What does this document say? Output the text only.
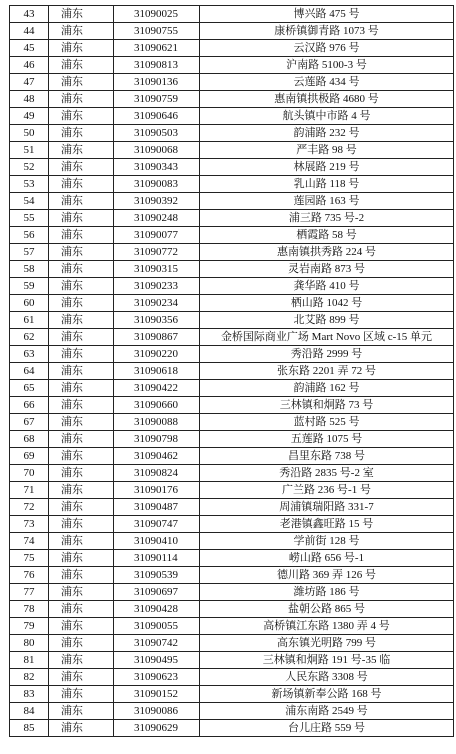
43	浦东	31090025	博兴路 475 号
44	浦东	31090755	康桥镇御青路 1073 号
45	浦东	31090621	云汉路 976 号
46	浦东	31090813	沪南路 5100-3 号
47	浦东	31090136	云莲路 434 号
48	浦东	31090759	惠南镇拱极路 4680 号
49	浦东	31090646	航头镇中市路 4 号
50	浦东	31090503	韵浦路 232 号
51	浦东	31090068	严丰路 98 号
52	浦东	31090343	林展路 219 号
53	浦东	31090083	乳山路 118 号
54	浦东	31090392	莲园路 163 号
55	浦东	31090248	浦三路 735 号-2
56	浦东	31090077	栖霞路 58 号
57	浦东	31090772	惠南镇拱秀路 224 号
58	浦东	31090315	灵岩南路 873 号
59	浦东	31090233	龚华路 410 号
60	浦东	31090234	栖山路 1042 号
61	浦东	31090356	北艾路 899 号
62	浦东	31090867	金桥国际商业广场 Mart Novo 区域 c-15 单元
63	浦东	31090220	秀沿路 2999 号
64	浦东	31090618	张东路 2201 弄 72 号
65	浦东	31090422	韵浦路 162 号
66	浦东	31090660	三林镇和炯路 73 号
67	浦东	31090088	蓝村路 525 号
68	浦东	31090798	五莲路 1075 号
69	浦东	31090462	昌里东路 738 号
70	浦东	31090824	秀沿路 2835 号-2 室
71	浦东	31090176	广兰路 236 号-1 号
72	浦东	31090487	周浦镇瑞阳路 331-7
73	浦东	31090747	老港镇鑫旺路 15 号
74	浦东	31090410	学前街 128 号
75	浦东	31090114	崂山路 656 号-1
76	浦东	31090539	德川路 369 弄 126 号
77	浦东	31090697	潍坊路 186 号
78	浦东	31090428	盐朝公路 865 号
79	浦东	31090055	高桥镇江东路 1380 弄 4 号
80	浦东	31090742	高东镇光明路 799 号
81	浦东	31090495	三林镇和炯路 191 号-35 临
82	浦东	31090623	人民东路 3308 号
83	浦东	31090152	新场镇新奉公路 168 号
84	浦东	31090086	浦东南路 2549 号
85	浦东	31090629	台儿庄路 559 号
